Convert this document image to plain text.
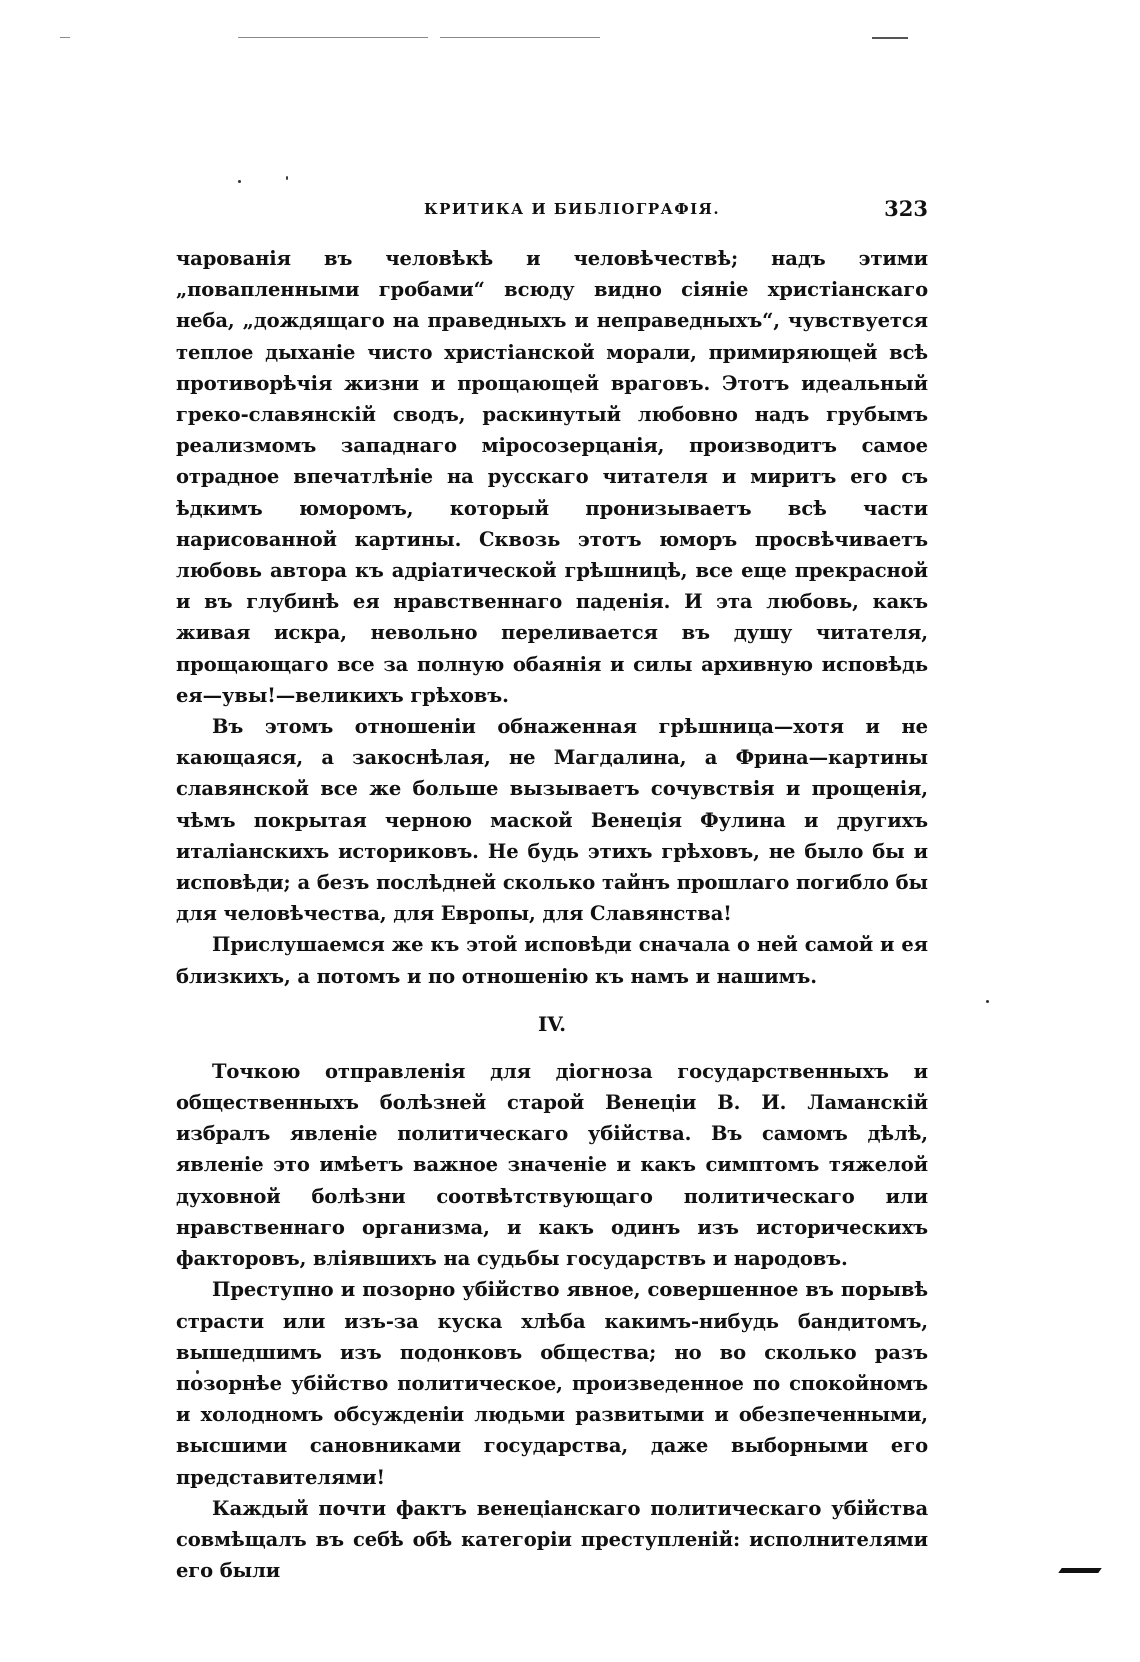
КРИТИКА И БИБЛІОГРАФІЯ.	323

чарованія въ человѣкѣ и человѣчествѣ; надъ этими „повапленными гробами“ всюду видно сіяніе христіанскаго неба, „дождящаго на праведныхъ и неправедныхъ“, чувствуется теплое дыханіе чисто христіанской морали, примиряющей всѣ противорѣчія жизни и прощающей враговъ. Этотъ идеальный греко-славянскій сводъ, раскинутый любовно надъ грубымъ реализмомъ западнаго міросозерцанія, производитъ самое отрадное впечатлѣніе на русскаго читателя и миритъ его съ ѣдкимъ юморомъ, который пронизываетъ всѣ части нарисованной картины. Сквозь этотъ юморъ просвѣчиваетъ любовь автора къ адріатической грѣшницѣ, все еще прекрасной и въ глубинѣ ея нравственнаго паденія. И эта любовь, какъ живая искра, невольно переливается въ душу читателя, прощающаго все за полную обаянія и силы архивную исповѣдь ея—увы!—великихъ грѣховъ.

Въ этомъ отношеніи обнаженная грѣшница—хотя и не кающаяся, а закоснѣлая, не Магдалина, а Фрина—картины славянской все же больше вызываетъ сочувствія и прощенія, чѣмъ покрытая черною маской Венеція Фулина и другихъ италіанскихъ историковъ. Не будь этихъ грѣховъ, не было бы и исповѣди; а безъ послѣдней сколько тайнъ прошлаго погибло бы для человѣчества, для Европы, для Славянства!

Прислушаемся же къ этой исповѣди сначала о ней самой и ея близкихъ, а потомъ и по отношенію къ намъ и нашимъ.

IV.

Точкою отправленія для діогноза государственныхъ и общественныхъ болѣзней старой Венеціи В. И. Ламанскій избралъ явленіе политическаго убійства. Въ самомъ дѣлѣ, явленіе это имѣетъ важное значеніе и какъ симптомъ тяжелой духовной болѣзни соотвѣтствующаго политическаго или нравственнаго организма, и какъ одинъ изъ историческихъ факторовъ, вліявшихъ на судьбы государствъ и народовъ.

Преступно и позорно убійство явное, совершенное въ порывѣ страсти или изъ-за куска хлѣба какимъ-нибудь бандитомъ, вышедшимъ изъ подонковъ общества; но во сколько разъ позорнѣе убійство политическое, произведенное по спокойномъ и холодномъ обсужденіи людьми развитыми и обезпеченными, высшими сановниками государства, даже выборными его представителями!

Каждый почти фактъ венеціанскаго политическаго убійства совмѣщалъ въ себѣ обѣ категоріи преступленій: исполнителями его были
